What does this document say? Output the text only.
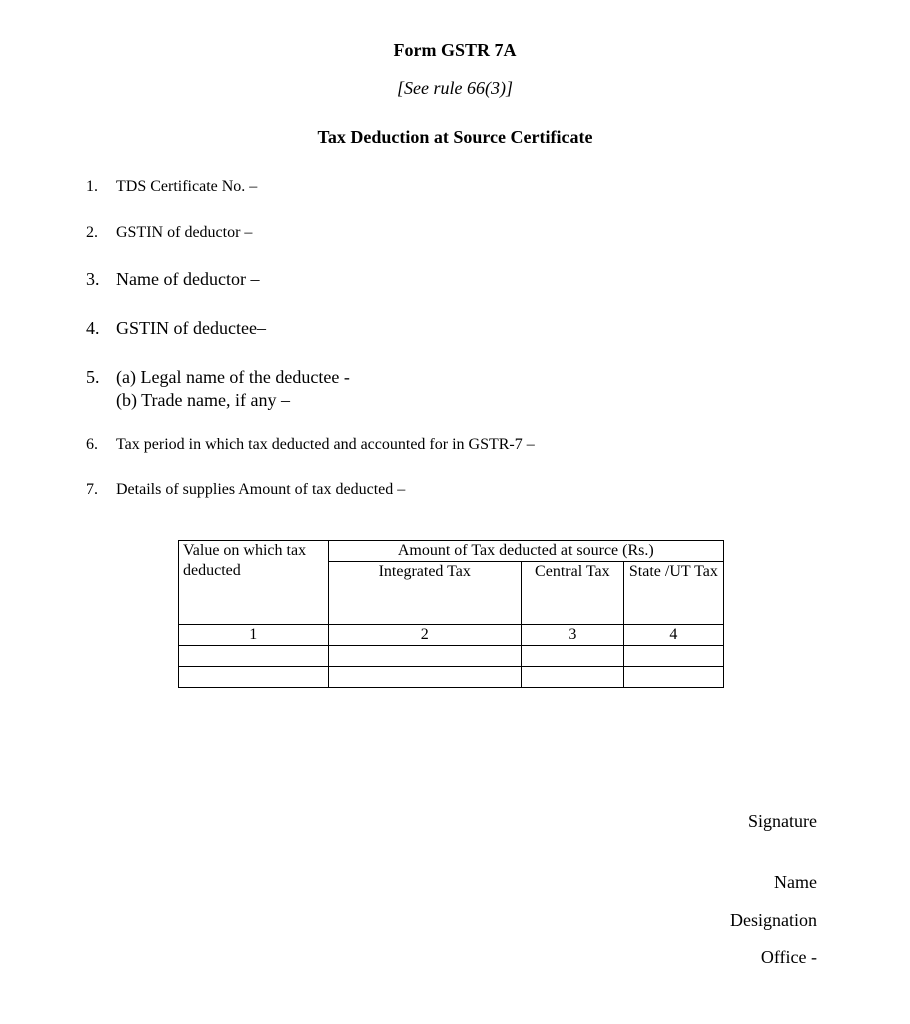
Form GSTR 7A
[See rule 66(3)]
Tax Deduction at Source Certificate
1. TDS Certificate No. –
2. GSTIN of deductor –
3. Name of deductor –
4. GSTIN of deductee–
5. (a) Legal name of the deductee -
(b) Trade name, if any –
6. Tax period in which tax deducted and accounted for in GSTR-7 –
7. Details of supplies Amount of tax deducted –
Value on which tax deducted	Amount of Tax deducted at source (Rs.)		
	Integrated Tax	Central Tax	State /UT Tax
1	2	3	4

Signature
Name
Designation
Office -
